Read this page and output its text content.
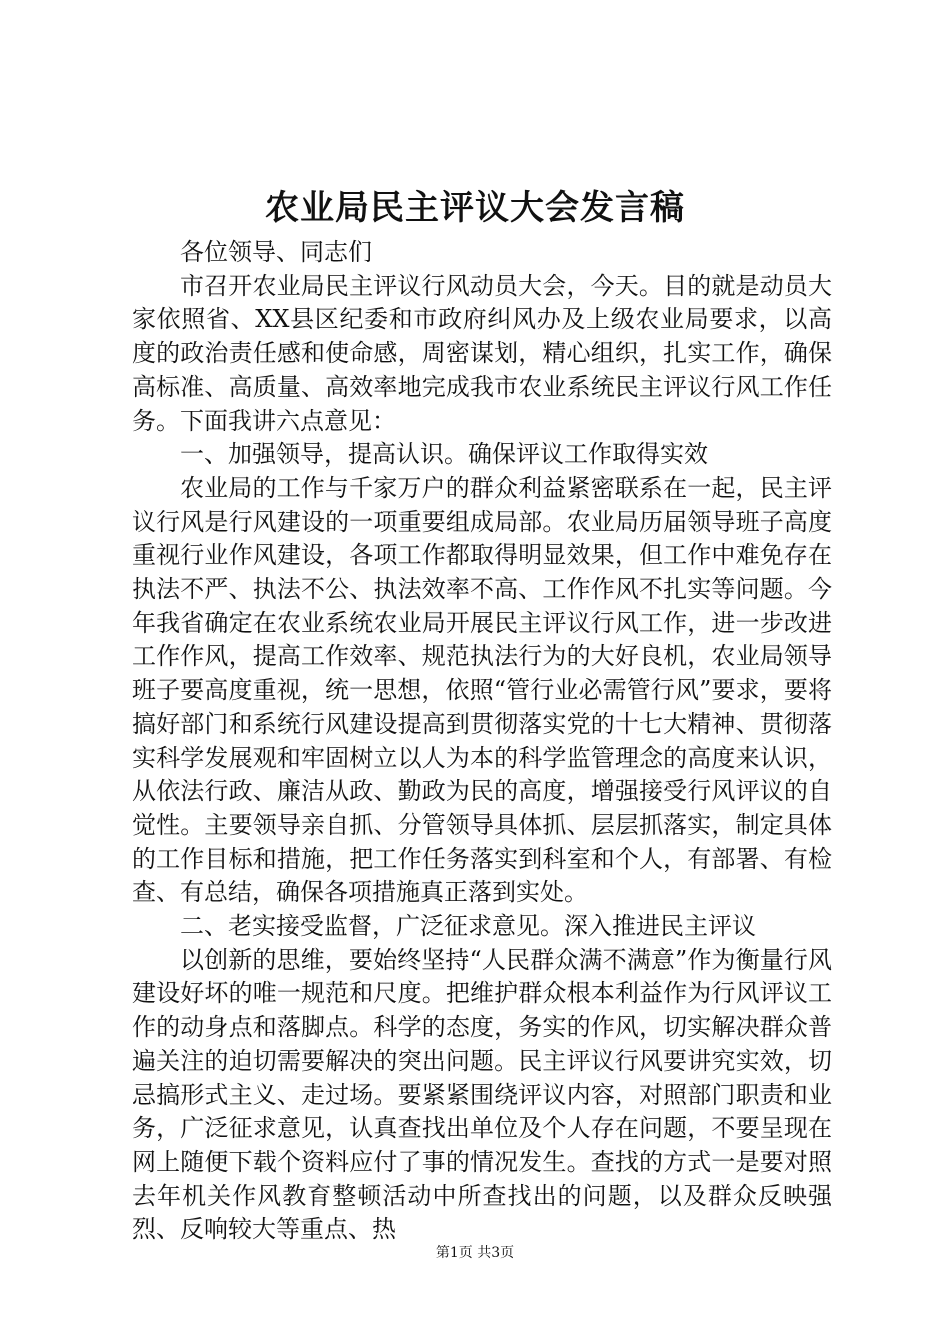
农业局民主评议大会发言稿

各位领导、同志们

市召开农业局民主评议行风动员大会，今天。目的就是动员大家依照省、XX县区纪委和市政府纠风办及上级农业局要求，以高度的政治责任感和使命感，周密谋划，精心组织，扎实工作，确保高标准、高质量、高效率地完成我市农业系统民主评议行风工作任务。下面我讲六点意见：

一、加强领导，提高认识。确保评议工作取得实效

农业局的工作与千家万户的群众利益紧密联系在一起，民主评议行风是行风建设的一项重要组成局部。农业局历届领导班子高度重视行业作风建设，各项工作都取得明显效果，但工作中难免存在执法不严、执法不公、执法效率不高、工作作风不扎实等问题。今年我省确定在农业系统农业局开展民主评议行风工作，进一步改进工作作风，提高工作效率、规范执法行为的大好良机，农业局领导班子要高度重视，统一思想，依照“管行业必需管行风”要求，要将搞好部门和系统行风建设提高到贯彻落实党的十七大精神、贯彻落实科学发展观和牢固树立以人为本的科学监管理念的高度来认识，从依法行政、廉洁从政、勤政为民的高度，增强接受行风评议的自觉性。主要领导亲自抓、分管领导具体抓、层层抓落实，制定具体的工作目标和措施，把工作任务落实到科室和个人，有部署、有检查、有总结，确保各项措施真正落到实处。

二、老实接受监督，广泛征求意见。深入推进民主评议

以创新的思维，要始终坚持“人民群众满不满意”作为衡量行风建设好坏的唯一规范和尺度。把维护群众根本利益作为行风评议工作的动身点和落脚点。科学的态度，务实的作风，切实解决群众普遍关注的迫切需要解决的突出问题。民主评议行风要讲究实效，切忌搞形式主义、走过场。要紧紧围绕评议内容，对照部门职责和业务，广泛征求意见，认真查找出单位及个人存在问题，不要呈现在网上随便下载个资料应付了事的情况发生。查找的方式一是要对照去年机关作风教育整顿活动中所查找出的问题，以及群众反映强烈、反响较大等重点、热

第1页 共3页
